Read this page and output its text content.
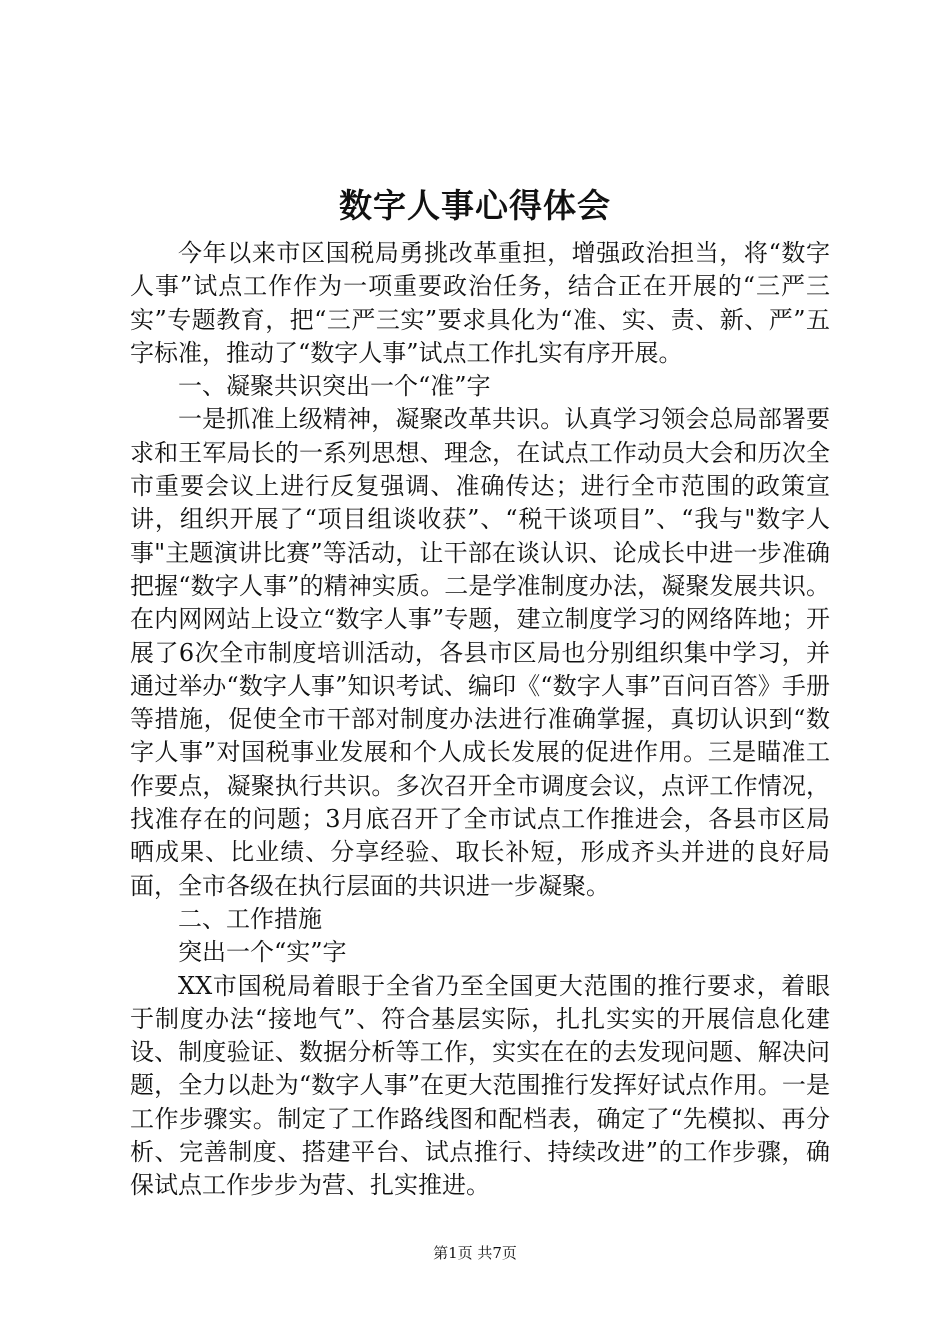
数字人事心得体会

今年以来市区国税局勇挑改革重担，增强政治担当，将“数字人事”试点工作作为一项重要政治任务，结合正在开展的“三严三实”专题教育，把“三严三实”要求具化为“准、实、责、新、严”五字标准，推动了“数字人事”试点工作扎实有序开展。

一、凝聚共识突出一个“准”字

一是抓准上级精神，凝聚改革共识。认真学习领会总局部署要求和王军局长的一系列思想、理念，在试点工作动员大会和历次全市重要会议上进行反复强调、准确传达；进行全市范围的政策宣讲，组织开展了“项目组谈收获”、“税干谈项目”、“我与"数字人事"主题演讲比赛”等活动，让干部在谈认识、论成长中进一步准确把握“数字人事”的精神实质。二是学准制度办法，凝聚发展共识。在内网网站上设立“数字人事”专题，建立制度学习的网络阵地；开展了6次全市制度培训活动，各县市区局也分别组织集中学习，并通过举办“数字人事”知识考试、编印《“数字人事”百问百答》手册等措施，促使全市干部对制度办法进行准确掌握，真切认识到“数字人事”对国税事业发展和个人成长发展的促进作用。三是瞄准工作要点，凝聚执行共识。多次召开全市调度会议，点评工作情况，找准存在的问题；3月底召开了全市试点工作推进会，各县市区局晒成果、比业绩、分享经验、取长补短，形成齐头并进的良好局面，全市各级在执行层面的共识进一步凝聚。

二、工作措施

突出一个“实”字

XX市国税局着眼于全省乃至全国更大范围的推行要求，着眼于制度办法“接地气”、符合基层实际，扎扎实实的开展信息化建设、制度验证、数据分析等工作，实实在在的去发现问题、解决问题，全力以赴为“数字人事”在更大范围推行发挥好试点作用。一是工作步骤实。制定了工作路线图和配档表，确定了“先模拟、再分析、完善制度、搭建平台、试点推行、持续改进”的工作步骤，确保试点工作步步为营、扎实推进。

第1页 共7页
